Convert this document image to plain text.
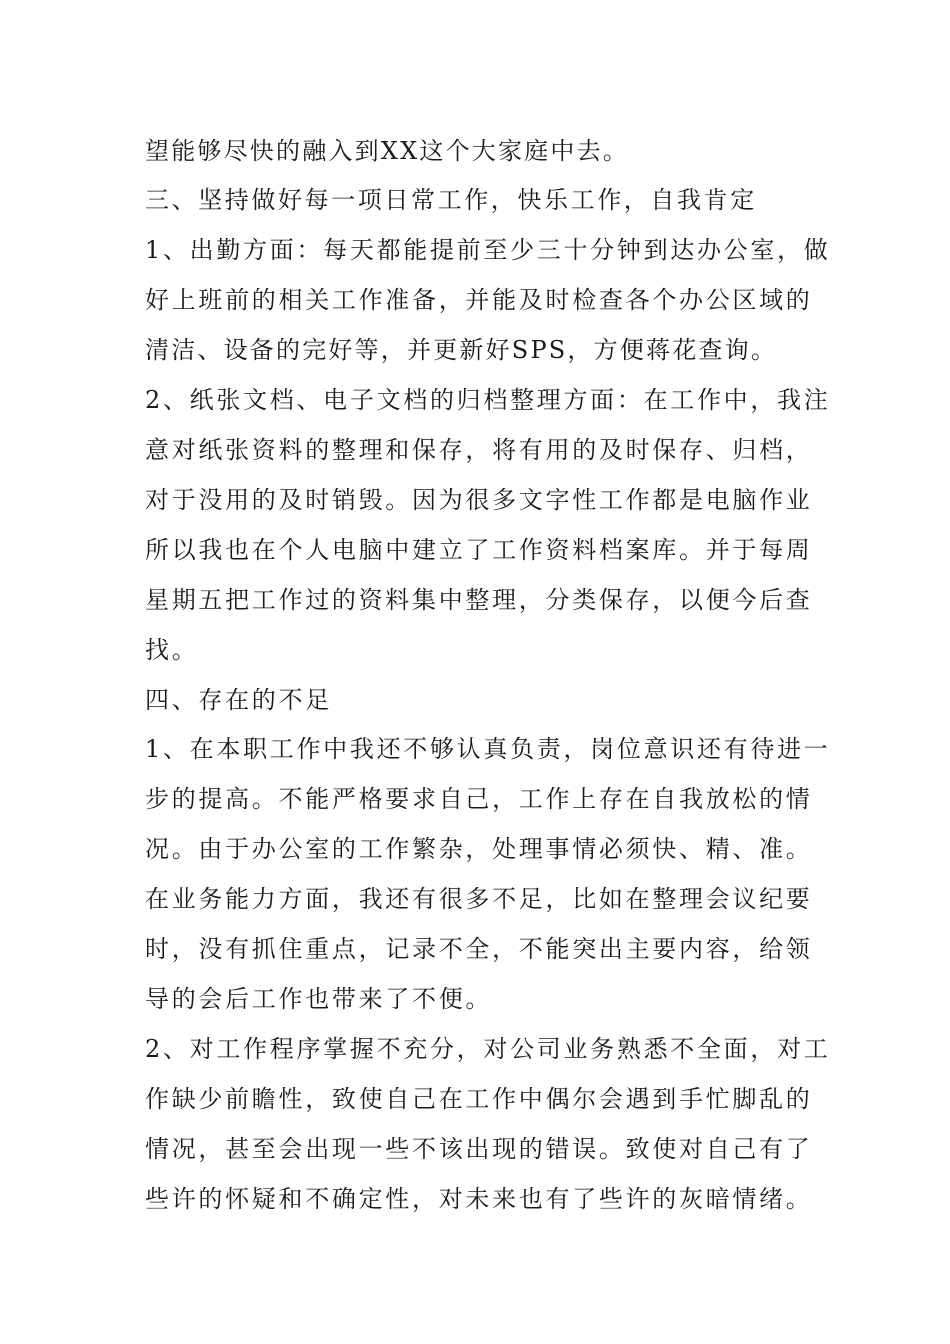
望能够尽快的融入到XX这个大家庭中去。
三、坚持做好每一项日常工作，快乐工作，自我肯定
1、出勤方面：每天都能提前至少三十分钟到达办公室，做
好上班前的相关工作准备，并能及时检查各个办公区域的
清洁、设备的完好等，并更新好SPS，方便蒋花查询。
2、纸张文档、电子文档的归档整理方面：在工作中，我注
意对纸张资料的整理和保存，将有用的及时保存、归档，
对于没用的及时销毁。因为很多文字性工作都是电脑作业
所以我也在个人电脑中建立了工作资料档案库。并于每周
星期五把工作过的资料集中整理，分类保存，以便今后查
找。
四、存在的不足
1、在本职工作中我还不够认真负责，岗位意识还有待进一
步的提高。不能严格要求自己，工作上存在自我放松的情
况。由于办公室的工作繁杂，处理事情必须快、精、准。
在业务能力方面，我还有很多不足，比如在整理会议纪要
时，没有抓住重点，记录不全，不能突出主要内容，给领
导的会后工作也带来了不便。
2、对工作程序掌握不充分，对公司业务熟悉不全面，对工
作缺少前瞻性，致使自己在工作中偶尔会遇到手忙脚乱的
情况，甚至会出现一些不该出现的错误。致使对自己有了
些许的怀疑和不确定性，对未来也有了些许的灰暗情绪。
